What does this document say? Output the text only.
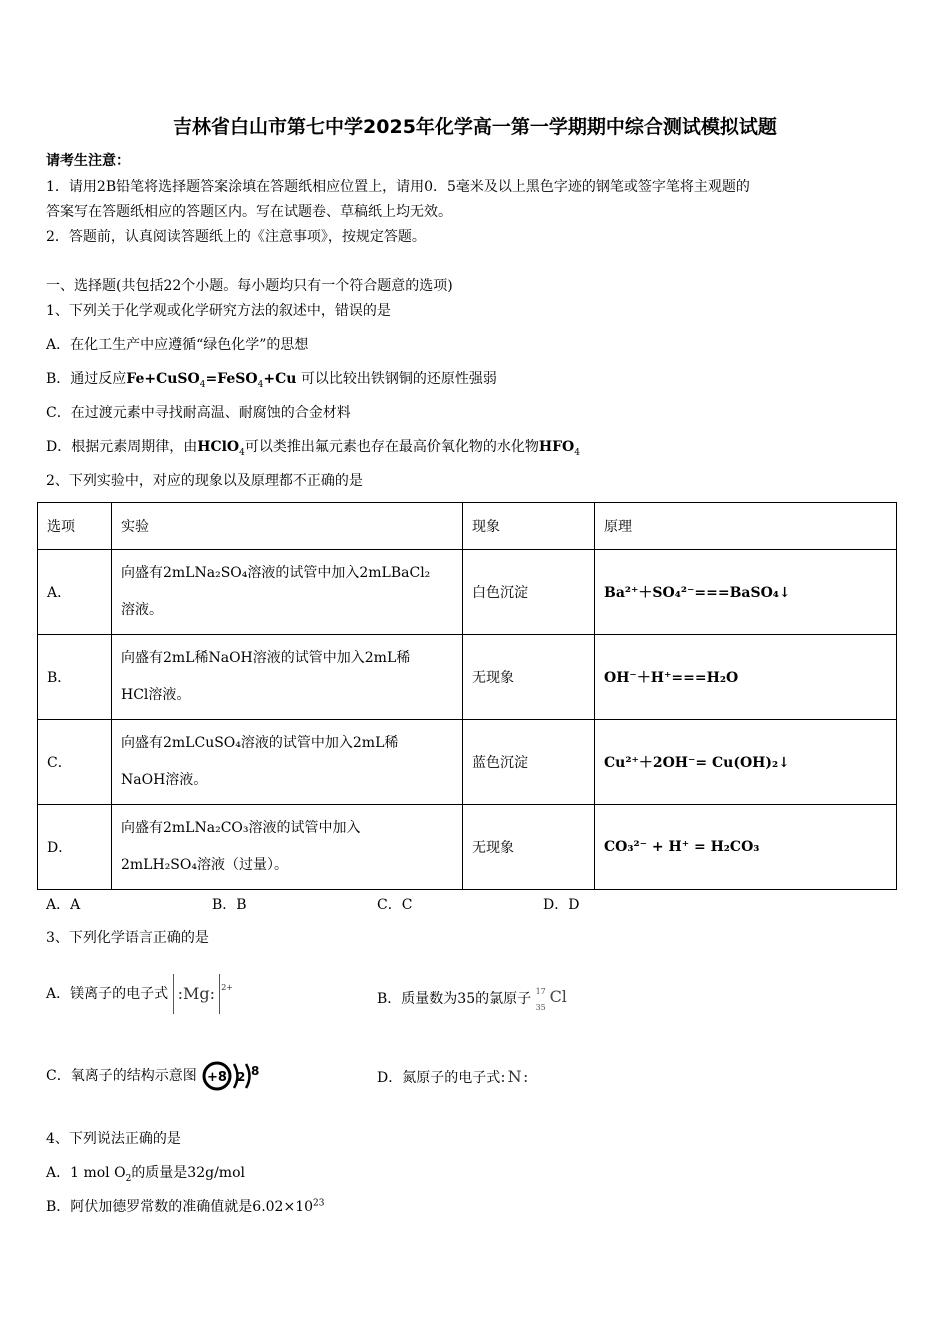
吉林省白山市第七中学2025年化学高一第一学期期中综合测试模拟试题
请考生注意：
1．请用2B铅笔将选择题答案涂填在答题纸相应位置上，请用0．5毫米及以上黑色字迹的钢笔或签字笔将主观题的
答案写在答题纸相应的答题区内。写在试题卷、草稿纸上均无效。
2．答题前，认真阅读答题纸上的《注意事项》，按规定答题。
一、选择题(共包括22个小题。每小题均只有一个符合题意的选项)
1、下列关于化学观或化学研究方法的叙述中，错误的是
A．在化工生产中应遵循“绿色化学”的思想
B．通过反应Fe+CuSO$_4$=FeSO$_4$+Cu 可以比较出铁钢铜的还原性强弱
C．在过渡元素中寻找耐高温、耐腐蚀的合金材料
D．根据元素周期律，由HClO$_4$可以类推出氟元素也存在最高价氧化物的水化物$HFO_4$
2、下列实验中，对应的现象以及原理都不正确的是
选项	实验	现象	原理
A．	向盛有2mLNa₂SO₄溶液的试管中加入2mLBaCl₂
溶液。	白色沉淀	Ba²⁺＋SO₄²⁻===BaSO₄↓
B．	向盛有2mL稀NaOH溶液的试管中加入2mL稀
HCl溶液。	无现象	OH⁻＋H⁺===H₂O
C．	向盛有2mLCuSO₄溶液的试管中加入2mL稀
NaOH溶液。	蓝色沉淀	Cu²⁺＋2OH⁻= Cu(OH)₂↓
D．	向盛有2mLNa₂CO₃溶液的试管中加入
2mLH₂SO₄溶液（过量）。	无现象	CO₃²⁻ + H⁺ = H₂CO₃
A．A	B．B	C．C	D．D
3、下列化学语言正确的是
A．镁离子的电子式 :Mg: 2+
B．质量数为35的氯原子 17
35
Cl
C．氧离子的结构示意图 +8 2 8	D．氮原子的电子式:N:
4、下列说法正确的是
A．1 mol $O_2$的质量是32g/mol
B．阿伏加德罗常数的准确值就是$6.02\times 10^{23}$
